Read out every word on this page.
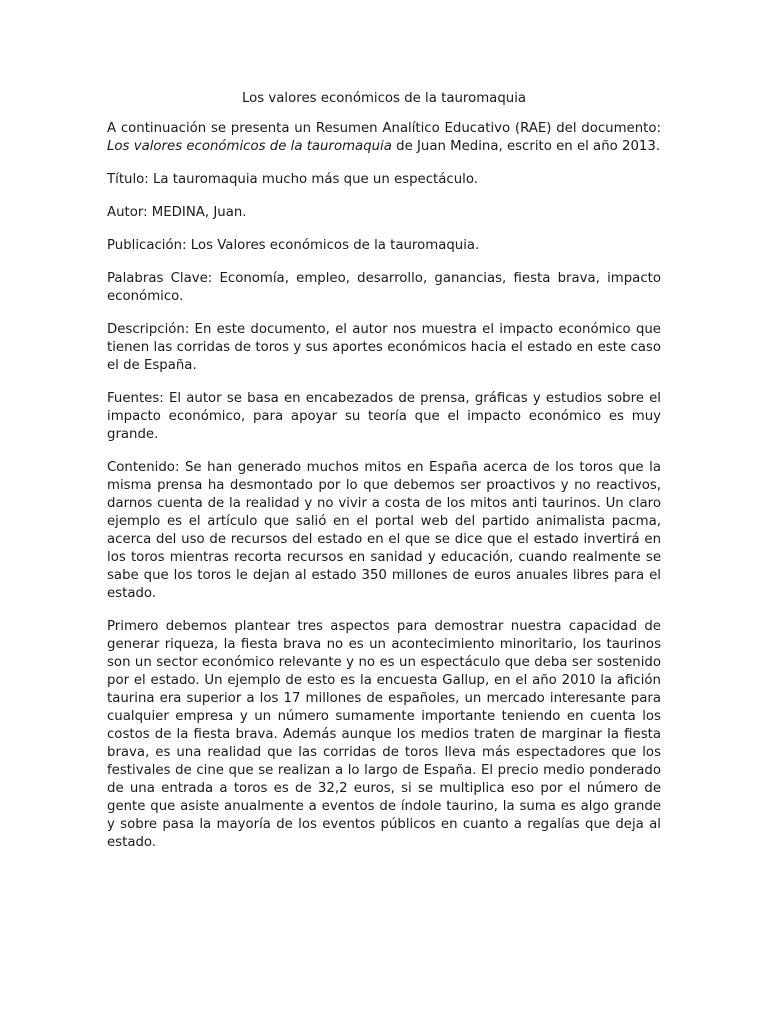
Los valores económicos de la tauromaquia

A continuación se presenta un Resumen Analítico Educativo (RAE) del documento: Los valores económicos de la tauromaquia de Juan Medina, escrito en el año 2013.

Título: La tauromaquia mucho más que un espectáculo.

Autor: MEDINA, Juan.

Publicación: Los Valores económicos de la tauromaquia.

Palabras Clave: Economía, empleo, desarrollo, ganancias, fiesta brava, impacto económico.

Descripción: En este documento, el autor nos muestra el impacto económico que tienen las corridas de toros y sus aportes económicos hacia el estado en este caso el de España.

Fuentes: El autor se basa en encabezados de prensa, gráficas y estudios sobre el impacto económico, para apoyar su teoría que el impacto económico es muy grande.

Contenido: Se han generado muchos mitos en España acerca de los toros que la misma prensa ha desmontado por lo que debemos ser proactivos y no reactivos, darnos cuenta de la realidad y no vivir a costa de los mitos anti taurinos. Un claro ejemplo es el artículo que salió en el portal web del partido animalista pacma, acerca del uso de recursos del estado en el que se dice que el estado invertirá en los toros mientras recorta recursos en sanidad y educación, cuando realmente se sabe que los toros le dejan al estado 350 millones de euros anuales libres para el estado.

Primero debemos plantear tres aspectos para demostrar nuestra capacidad de generar riqueza, la fiesta brava no es un acontecimiento minoritario, los taurinos son un sector económico relevante y no es un espectáculo que deba ser sostenido por el estado. Un ejemplo de esto es la encuesta Gallup, en el año 2010 la afición taurina era superior a los 17 millones de españoles, un mercado interesante para cualquier empresa y un número sumamente importante teniendo en cuenta los costos de la fiesta brava. Además aunque los medios traten de marginar la fiesta brava, es una realidad que las corridas de toros lleva más espectadores que los festivales de cine que se realizan a lo largo de España. El precio medio ponderado de una entrada a toros es de 32,2 euros, si se multiplica eso por el número de gente que asiste anualmente a eventos de índole taurino, la suma es algo grande y sobre pasa la mayoría de los eventos públicos en cuanto a regalías que deja al estado.
